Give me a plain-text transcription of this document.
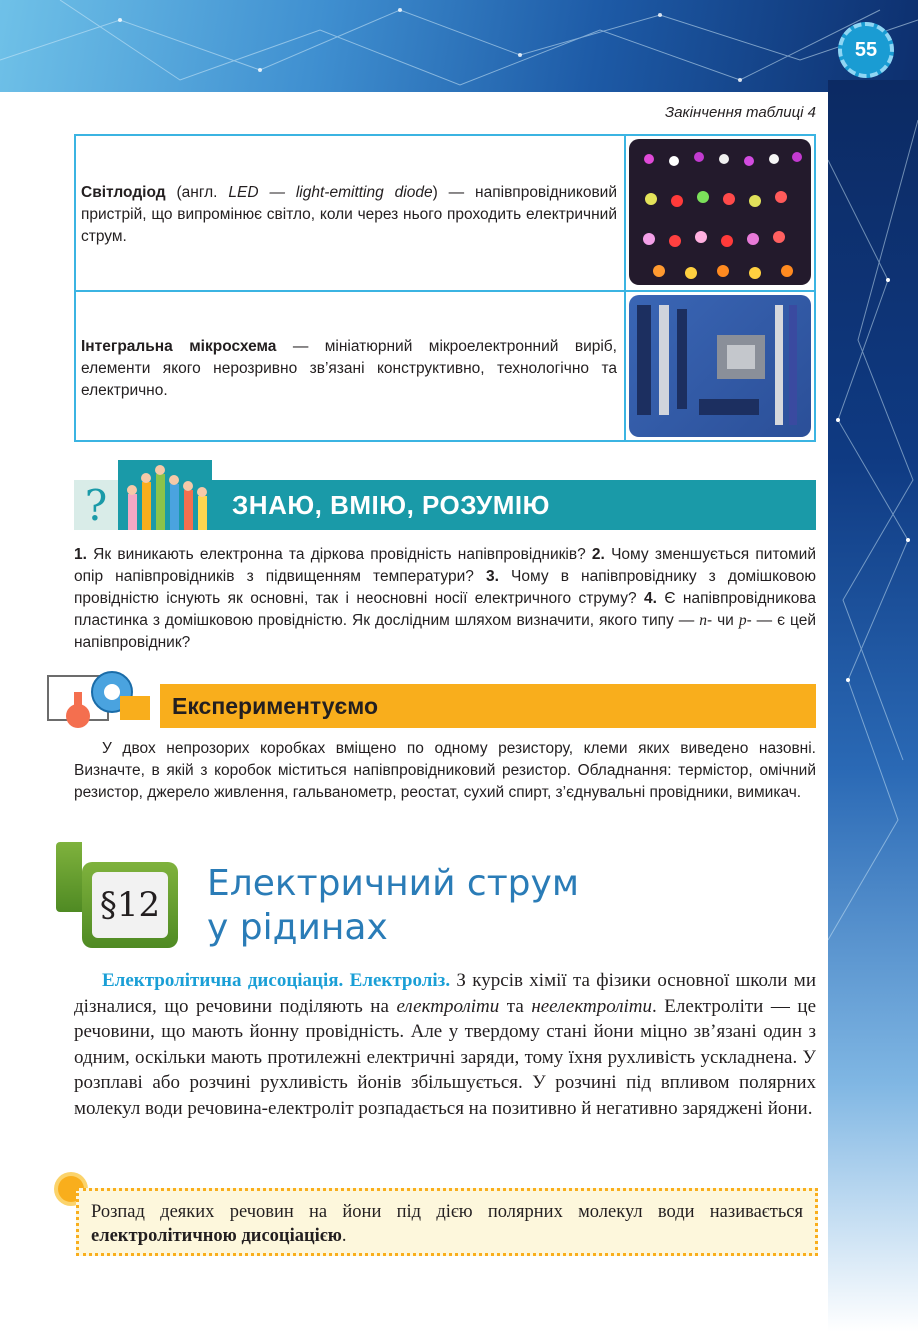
55
Закінчення таблиці 4
Світлодіод (англ. LED — light-emitting diode) — напівпровідниковий пристрій, що випромінює світло, коли через нього проходить електричний струм.
Інтегральна мікросхема — мініатюрний мікроелектронний виріб, елементи якого нерозривно зв’язані конструктивно, технологічно та електрично.
?	ЗНАЮ, ВМІЮ, РОЗУМІЮ
1. Як виникають електронна та діркова провідність напівпровідників? 2. Чому зменшується питомий опір напівпровідників з підвищенням температури? 3. Чому в напівпровіднику з домішковою провідністю існують як основні, так і неосновні носії електричного струму? 4. Є напівпровідникова пластинка з домішковою провідністю. Як дослідним шляхом визначити, якого типу — n- чи p- — є цей напівпровідник?
Експериментуємо
У двох непрозорих коробках вміщено по одному резистору, клеми яких виведено назовні. Визначте, в якій з коробок міститься напівпровідниковий резистор. Обладнання: термістор, омічний резистор, джерело живлення, гальванометр, реостат, сухий спирт, з’єднувальні провідники, вимикач.
§12
Електричний струм
у рідинах
Електролітична дисоціація. Електроліз. З курсів хімії та фізики основної школи ми дізналися, що речовини поділяють на електроліти та неелектроліти. Електроліти — це речовини, що мають йонну провідність. Але у твердому стані йони міцно зв’язані один з одним, оскільки мають протилежні електричні заряди, тому їхня рухливість ускладнена. У розплаві або розчині рухливість йонів збільшується. У розчині під впливом полярних молекул води речовина-електроліт розпадається на позитивно й негативно заряджені йони.
Розпад деяких речовин на йони під дією полярних молекул води називається електролітичною дисоціацією.
